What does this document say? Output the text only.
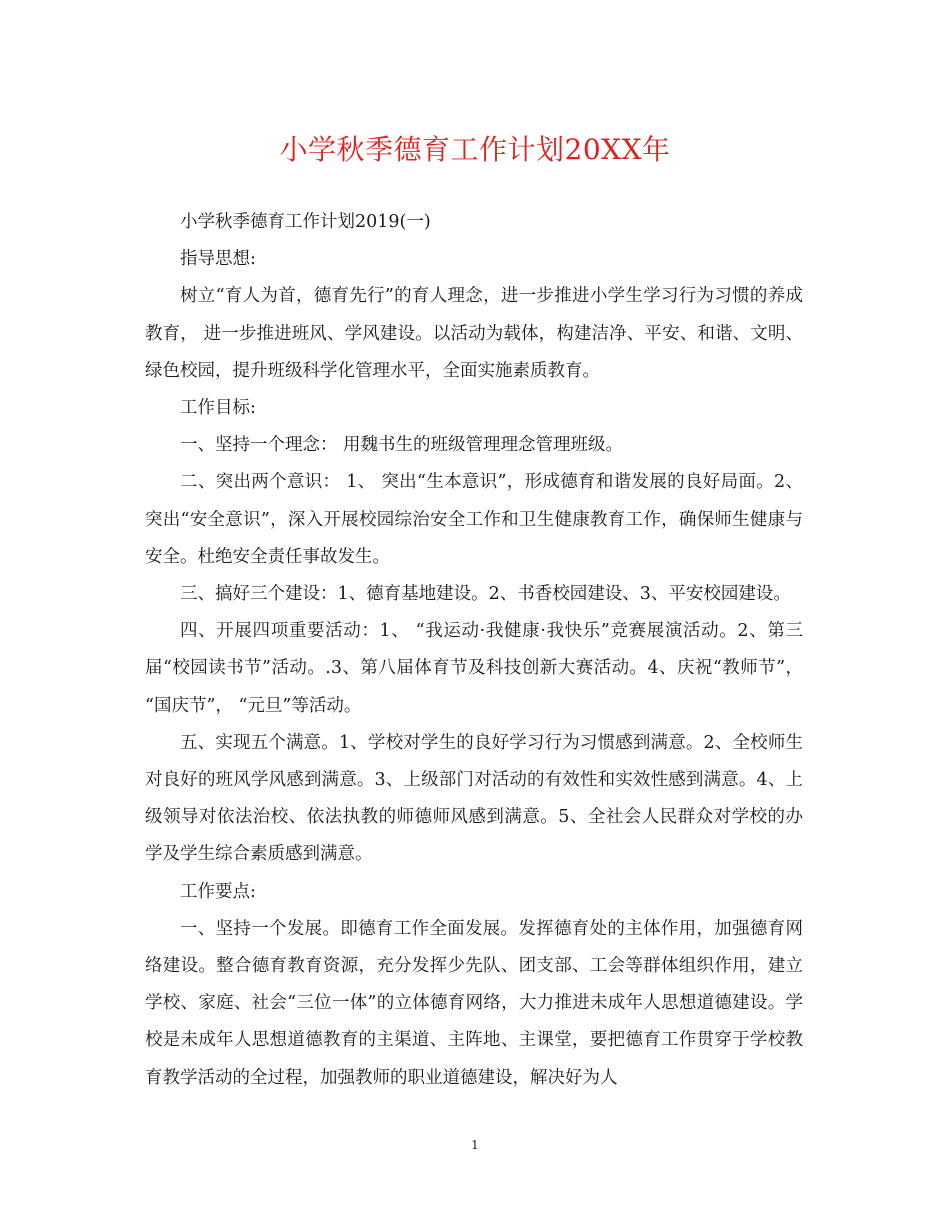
小学秋季德育工作计划20XX年

小学秋季德育工作计划2019(一)

指导思想:

树立“育人为首，德育先行”的育人理念，进一步推进小学生学习行为习惯的养成教育， 进一步推进班风、学风建设。以活动为载体，构建洁净、平安、和谐、文明、绿色校园，提升班级科学化管理水平，全面实施素质教育。

工作目标:

一、坚持一个理念： 用魏书生的班级管理理念管理班级。

二、突出两个意识： 1、 突出“生本意识”，形成德育和谐发展的良好局面。2、 突出“安全意识”，深入开展校园综治安全工作和卫生健康教育工作，确保师生健康与安全。杜绝安全责任事故发生。

三、搞好三个建设：1、德育基地建设。2、书香校园建设、3、平安校园建设。

四、开展四项重要活动：1、 “我运动·我健康·我快乐”竞赛展演活动。2、第三届“校园读书节”活动。.3、第八届体育节及科技创新大赛活动。4、庆祝“教师节”， “国庆节”， “元旦”等活动。

五、实现五个满意。1、学校对学生的良好学习行为习惯感到满意。2、全校师生对良好的班风学风感到满意。3、上级部门对活动的有效性和实效性感到满意。4、上级领导对依法治校、依法执教的师德师风感到满意。5、全社会人民群众对学校的办学及学生综合素质感到满意。

工作要点:

一、坚持一个发展。即德育工作全面发展。发挥德育处的主体作用，加强德育网络建设。整合德育教育资源，充分发挥少先队、团支部、工会等群体组织作用，建立学校、家庭、社会“三位一体”的立体德育网络，大力推进未成年人思想道德建设。学校是未成年人思想道德教育的主渠道、主阵地、主课堂，要把德育工作贯穿于学校教育教学活动的全过程，加强教师的职业道德建设，解决好为人

1
